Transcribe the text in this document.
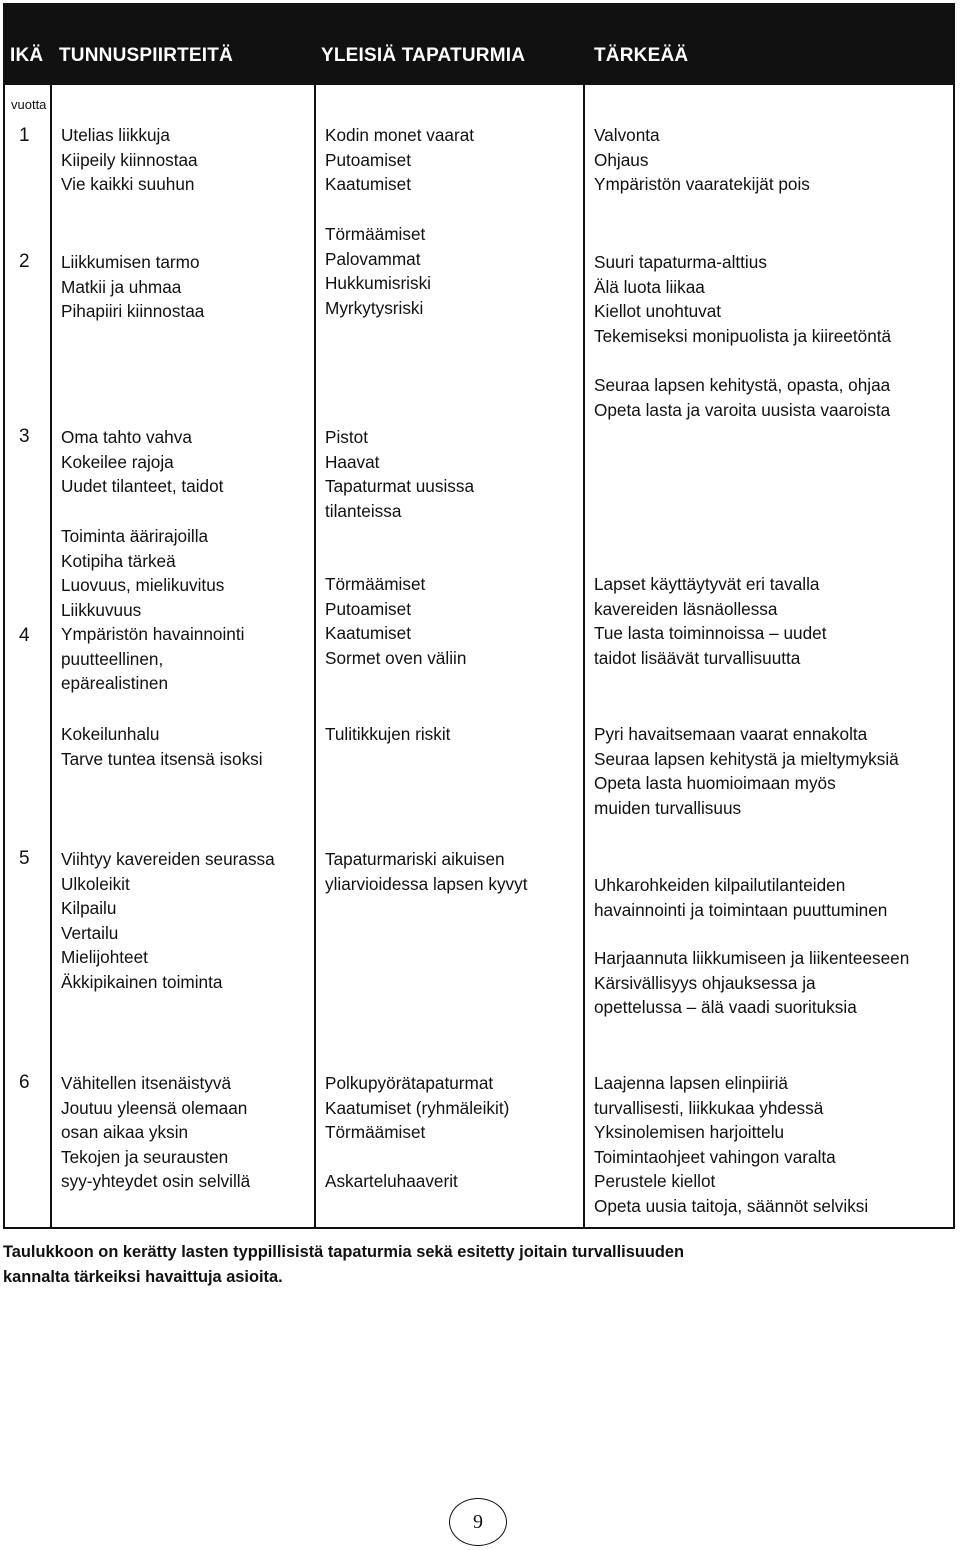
IKÄ TUNNUSPIIRTEITÄ	YLEISIÄ TAPATURMIA	TÄRKEÄÄ
vuotta
1
2
3
4
5
6
Utelias liikkuja
Kiipeily kiinnostaa
Vie kaikki suuhun
Liikkumisen tarmo
Matkii ja uhmaa
Pihapiiri kiinnostaa
Oma tahto vahva
Kokeilee rajoja
Uudet tilanteet, taidot
Toiminta äärirajoilla
Kotipiha tärkeä
Luovuus, mielikuvitus
Liikkuvuus
Ympäristön havainnointi
puutteellinen,
epärealistinen
Kokeilunhalu
Tarve tuntea itsensä isoksi
Viihtyy kavereiden seurassa
Ulkoleikit
Kilpailu
Vertailu
Mielijohteet
Äkkipikainen toiminta
Vähitellen itsenäistyvä
Joutuu yleensä olemaan
osan aikaa yksin
Tekojen ja seurausten
syy-yhteydet osin selvillä
Kodin monet vaarat
Putoamiset
Kaatumiset
Törmäämiset
Palovammat
Hukkumisriski
Myrkytysriski
Pistot
Haavat
Tapaturmat uusissa
tilanteissa
Törmäämiset
Putoamiset
Kaatumiset
Sormet oven väliin
Tulitikkujen riskit
Tapaturmariski aikuisen
yliarvioidessa lapsen kyvyt
Polkupyörätapaturmat
Kaatumiset (ryhmäleikit)
Törmäämiset
Askarteluhaaverit
Valvonta
Ohjaus
Ympäristön vaaratekijät pois
Suuri tapaturma-alttius
Älä luota liikaa
Kiellot unohtuvat
Tekemiseksi monipuolista ja kiireetöntä
Seuraa lapsen kehitystä, opasta, ohjaa
Opeta lasta ja varoita uusista vaaroista
Lapset käyttäytyvät eri tavalla
kavereiden läsnäollessa
Tue lasta toiminnoissa – uudet
taidot lisäävät turvallisuutta
Pyri havaitsemaan vaarat ennakolta
Seuraa lapsen kehitystä ja mieltymyksiä
Opeta lasta huomioimaan myös
muiden turvallisuus
Uhkarohkeiden kilpailutilanteiden
havainnointi ja toimintaan puuttuminen
Harjaannuta liikkumiseen ja liikenteeseen
Kärsivällisyys ohjauksessa ja
opettelussa – älä vaadi suorituksia
Laajenna lapsen elinpiiriä
turvallisesti, liikkukaa yhdessä
Yksinolemisen harjoittelu
Toimintaohjeet vahingon varalta
Perustele kiellot
Opeta uusia taitoja, säännöt selviksi
Taulukkoon on kerätty lasten typpillisistä tapaturmia sekä esitetty joitain turvallisuuden
kannalta tärkeiksi havaittuja asioita.
9
